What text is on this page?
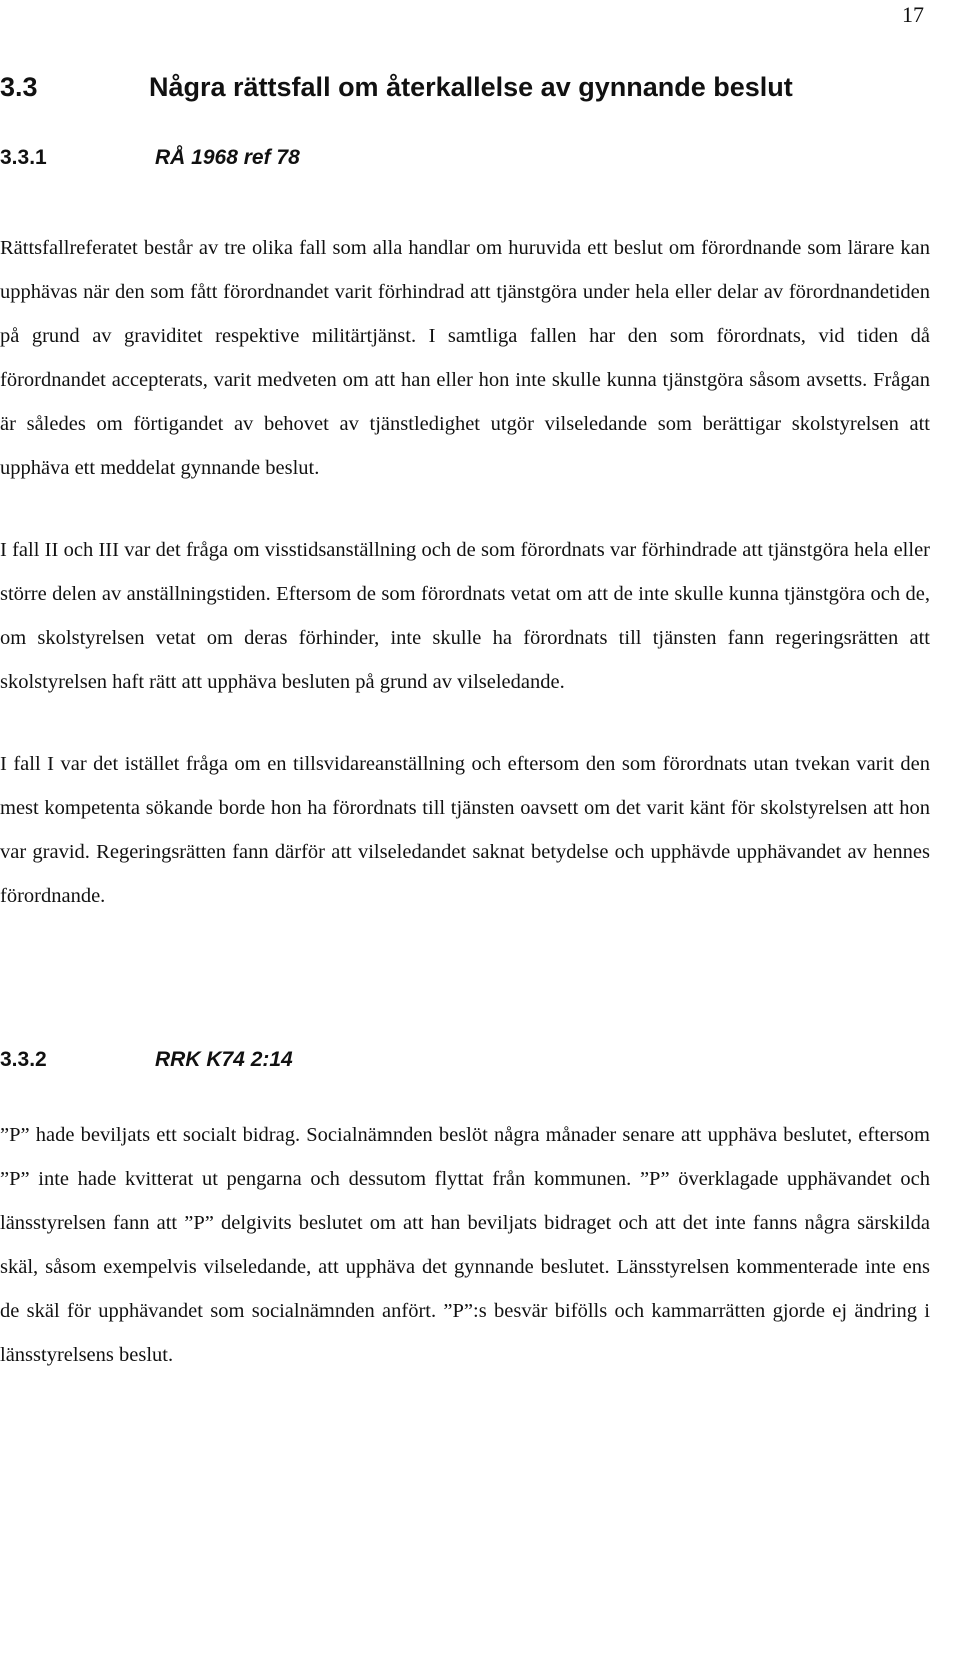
17
3.3	Några rättsfall om återkallelse av gynnande beslut
3.3.1	RÅ 1968 ref 78

Rättsfallreferatet består av tre olika fall som alla handlar om huruvida ett beslut om förordnande som lärare kan upphävas när den som fått förordnandet varit förhindrad att tjänstgöra under hela eller delar av förordnandetiden på grund av graviditet respektive militärtjänst. I samtliga fallen har den som förordnats, vid tiden då förordnandet accepterats, varit medveten om att han eller hon inte skulle kunna tjänstgöra såsom avsetts. Frågan är således om förtigandet av behovet av tjänstledighet utgör vilseledande som berättigar skolstyrelsen att upphäva ett meddelat gynnande beslut.

I fall II och III var det fråga om visstidsanställning och de som förordnats var förhindrade att tjänstgöra hela eller större delen av anställningstiden. Eftersom de som förordnats vetat om att de inte skulle kunna tjänstgöra och de, om skolstyrelsen vetat om deras förhinder, inte skulle ha förordnats till tjänsten fann regeringsrätten att skolstyrelsen haft rätt att upphäva besluten på grund av vilseledande.

I fall I var det istället fråga om en tillsvidareanställning och eftersom den som förordnats utan tvekan varit den mest kompetenta sökande borde hon ha förordnats till tjänsten oavsett om det varit känt för skolstyrelsen att hon var gravid. Regeringsrätten fann därför att vilseledandet saknat betydelse och upphävde upphävandet av hennes förordnande.

3.3.2	RRK K74 2:14

”P” hade beviljats ett socialt bidrag. Socialnämnden beslöt några månader senare att upphäva beslutet, eftersom ”P” inte hade kvitterat ut pengarna och dessutom flyttat från kommunen. ”P” överklagade upphävandet och länsstyrelsen fann att ”P” delgivits beslutet om att han beviljats bidraget och att det inte fanns några särskilda skäl, såsom exempelvis vilseledande, att upphäva det gynnande beslutet. Länsstyrelsen kommenterade inte ens de skäl för upphävandet som socialnämnden anfört. ”P”:s besvär bifölls och kammarrätten gjorde ej ändring i länsstyrelsens beslut.
